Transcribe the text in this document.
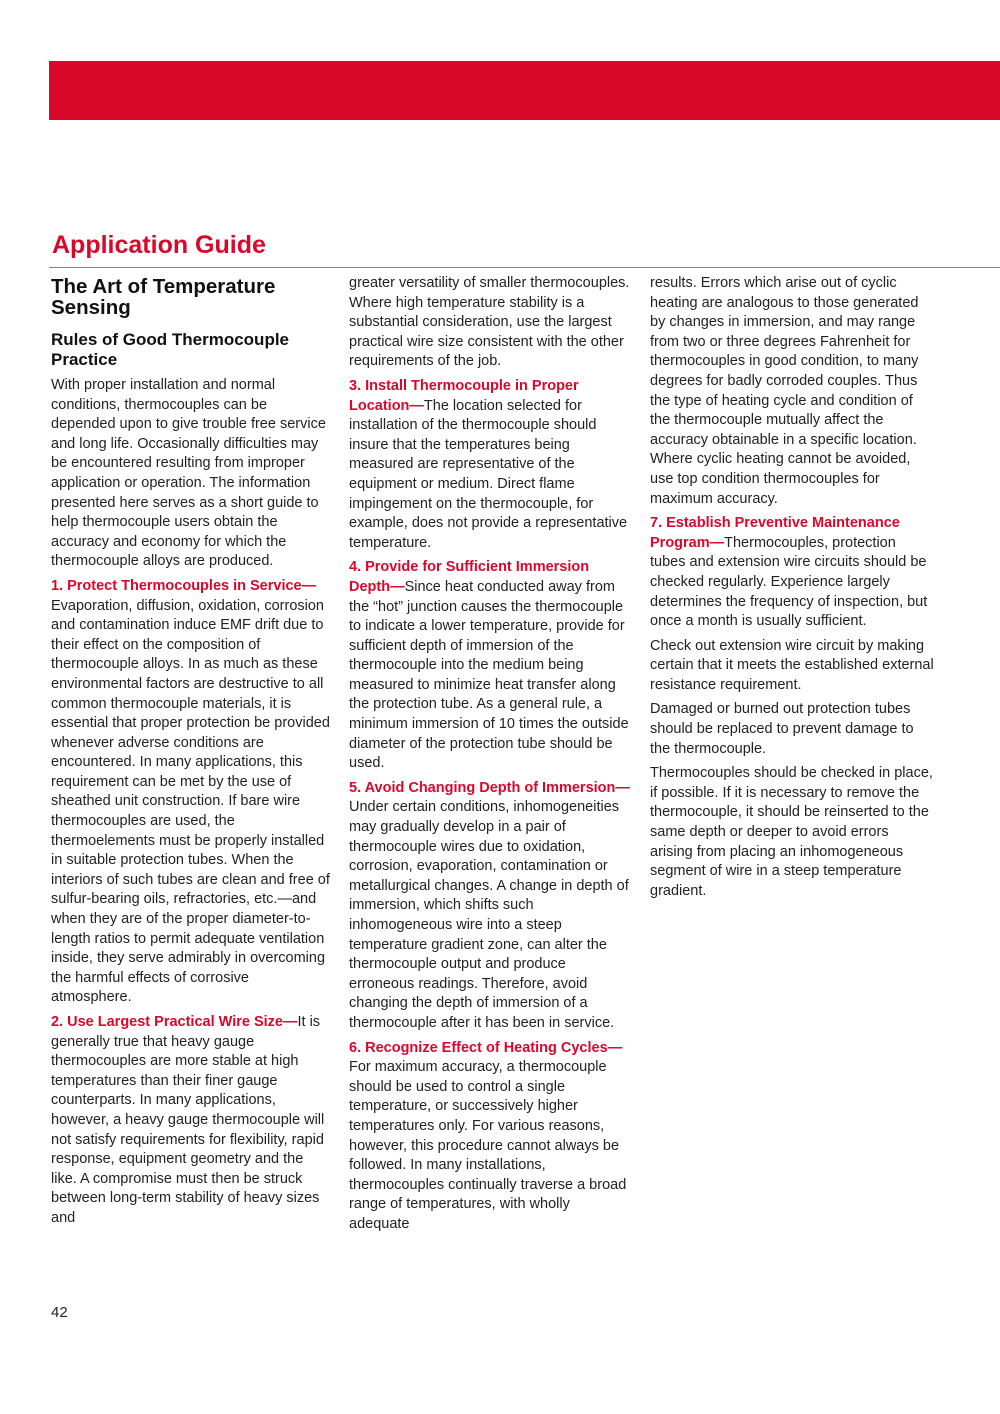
Application Guide
The Art of Temperature Sensing
Rules of Good Thermocouple Practice

With proper installation and normal conditions, thermocouples can be depended upon to give trouble free service and long life. Occasionally difficulties may be encountered resulting from improper application or operation. The information presented here serves as a short guide to help thermocouple users obtain the accuracy and economy for which the thermocouple alloys are produced.

1. Protect Thermocouples in Service—Evaporation, diffusion, oxidation, corrosion and contamination induce EMF drift due to their effect on the composition of thermocouple alloys. In as much as these environmental factors are destructive to all common thermocouple materials, it is essential that proper protection be provided whenever adverse conditions are encountered. In many applications, this requirement can be met by the use of sheathed unit construction. If bare wire thermocouples are used, the thermoelements must be properly installed in suitable protection tubes. When the interiors of such tubes are clean and free of sulfur-bearing oils, refractories, etc.—and when they are of the proper diameter-to-length ratios to permit adequate ventilation inside, they serve admirably in overcoming the harmful effects of corrosive atmosphere.

2. Use Largest Practical Wire Size—It is generally true that heavy gauge thermocouples are more stable at high temperatures than their finer gauge counterparts. In many applications, however, a heavy gauge thermocouple will not satisfy requirements for flexibility, rapid response, equipment geometry and the like. A compromise must then be struck between long-term stability of heavy sizes and

greater versatility of smaller thermocouples. Where high temperature stability is a substantial consideration, use the largest practical wire size consistent with the other requirements of the job.

3. Install Thermocouple in Proper Location—The location selected for installation of the thermocouple should insure that the temperatures being measured are representative of the equipment or medium. Direct flame impingement on the thermocouple, for example, does not provide a representative temperature.

4. Provide for Sufficient Immersion Depth—Since heat conducted away from the “hot” junction causes the thermocouple to indicate a lower temperature, provide for sufficient depth of immersion of the thermocouple into the medium being measured to minimize heat transfer along the protection tube. As a general rule, a minimum immersion of 10 times the outside diameter of the protection tube should be used.

5. Avoid Changing Depth of Immersion—Under certain conditions, inhomogeneities may gradually develop in a pair of thermocouple wires due to oxidation, corrosion, evaporation, contamination or metallurgical changes. A change in depth of immersion, which shifts such inhomogeneous wire into a steep temperature gradient zone, can alter the thermocouple output and produce erroneous readings. Therefore, avoid changing the depth of immersion of a thermocouple after it has been in service.

6. Recognize Effect of Heating Cycles—For maximum accuracy, a thermocouple should be used to control a single temperature, or successively higher temperatures only. For various reasons, however, this procedure cannot always be followed. In many installations, thermocouples continually traverse a broad range of temperatures, with wholly adequate

results. Errors which arise out of cyclic heating are analogous to those generated by changes in immersion, and may range from two or three degrees Fahrenheit for thermocouples in good condition, to many degrees for badly corroded couples. Thus the type of heating cycle and condition of the thermocouple mutually affect the accuracy obtainable in a specific location. Where cyclic heating cannot be avoided, use top condition thermocouples for maximum accuracy.

7. Establish Preventive Maintenance Program—Thermocouples, protection tubes and extension wire circuits should be checked regularly. Experience largely determines the frequency of inspection, but once a month is usually sufficient.

Check out extension wire circuit by making certain that it meets the established external resistance requirement.

Damaged or burned out protection tubes should be replaced to prevent damage to the thermocouple.

Thermocouples should be checked in place, if possible. If it is necessary to remove the thermocouple, it should be reinserted to the same depth or deeper to avoid errors arising from placing an inhomogeneous segment of wire in a steep temperature gradient.

42
